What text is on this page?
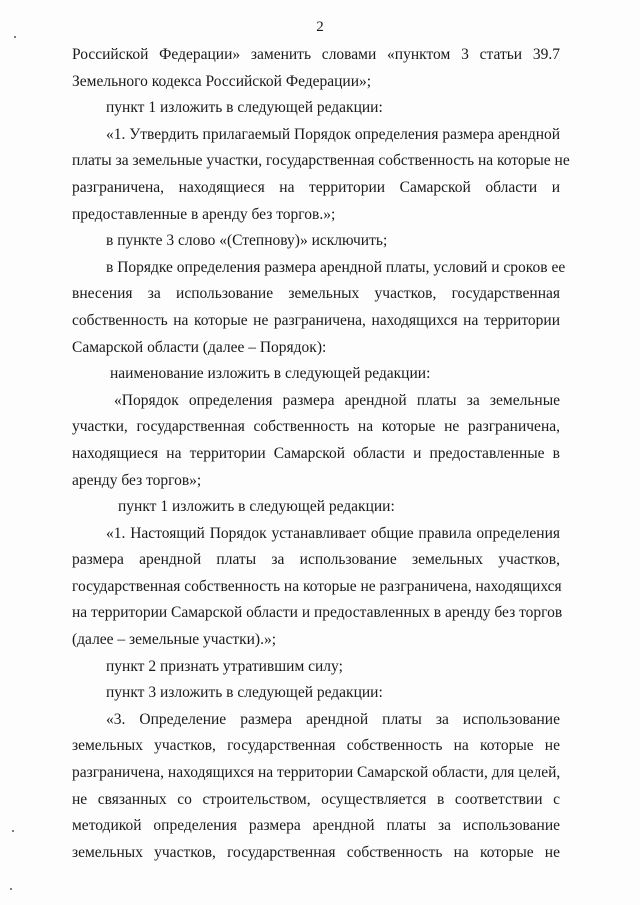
2
Российской Федерации» заменить словами «пунктом 3 статьи 39.7
Земельного кодекса Российской Федерации»;
пункт 1 изложить в следующей редакции:
«1. Утвердить прилагаемый Порядок определения размера арендной
платы за земельные участки, государственная собственность на которые не
разграничена, находящиеся на территории Самарской области и
предоставленные в аренду без торгов.»;
в пункте 3 слово «(Степнову)» исключить;
в Порядке определения размера арендной платы, условий и сроков ее
внесения за использование земельных участков, государственная
собственность на которые не разграничена, находящихся на территории
Самарской области (далее – Порядок):
наименование изложить в следующей редакции:
«Порядок определения размера арендной платы за земельные
участки, государственная собственность на которые не разграничена,
находящиеся на территории Самарской области и предоставленные в
аренду без торгов»;
пункт 1 изложить в следующей редакции:
«1. Настоящий Порядок устанавливает общие правила определения
размера арендной платы за использование земельных участков,
государственная собственность на которые не разграничена, находящихся
на территории Самарской области и предоставленных в аренду без торгов
(далее – земельные участки).»;
пункт 2 признать утратившим силу;
пункт 3 изложить в следующей редакции:
«3. Определение размера арендной платы за использование
земельных участков, государственная собственность на которые не
разграничена, находящихся на территории Самарской области, для целей,
не связанных со строительством, осуществляется в соответствии с
методикой определения размера арендной платы за использование
земельных участков, государственная собственность на которые не
